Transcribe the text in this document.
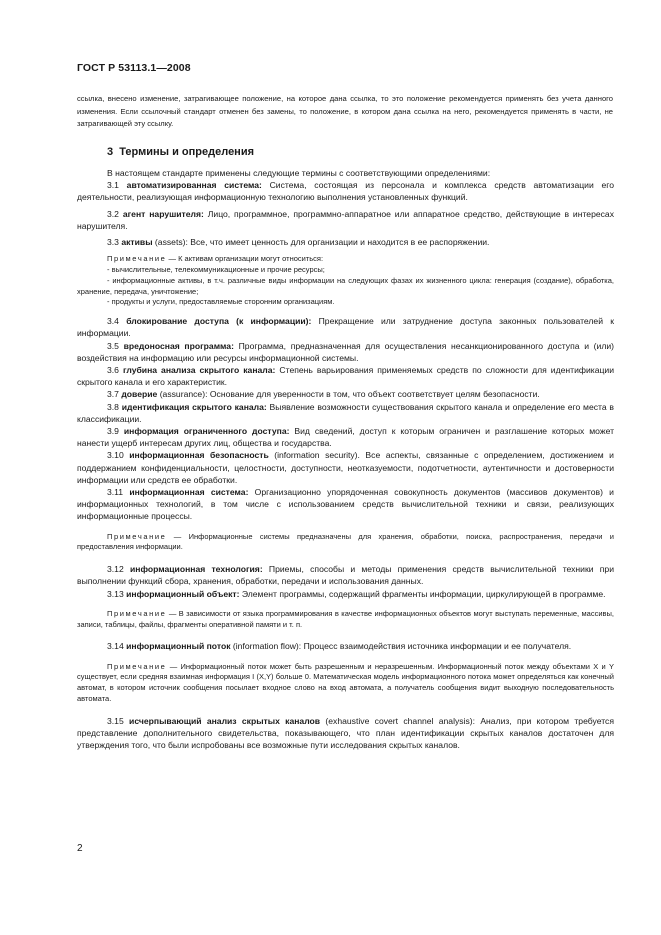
ГОСТ Р 53113.1—2008
ссылка, внесено изменение, затрагивающее положение, на которое дана ссылка, то это положение рекомендуется применять без учета данного изменения. Если ссылочный стандарт отменен без замены, то положение, в котором дана ссылка на него, рекомендуется применять в части, не затрагивающей эту ссылку.
3 Термины и определения

В настоящем стандарте применены следующие термины с соответствующими определениями:

3.1 автоматизированная система: Система, состоящая из персонала и комплекса средств автоматизации его деятельности, реализующая информационную технологию выполнения установленных функций.

3.2 агент нарушителя: Лицо, программное, программно-аппаратное или аппаратное средство, действующие в интересах нарушителя.

3.3 активы (assets): Все, что имеет ценность для организации и находится в ее распоряжении.

Примечание — К активам организации могут относиться:

- вычислительные, телекоммуникационные и прочие ресурсы;

- информационные активы, в т.ч. различные виды информации на следующих фазах их жизненного цикла: генерация (создание), обработка, хранение, передача, уничтожение;

- продукты и услуги, предоставляемые сторонним организациям.

3.4 блокирование доступа (к информации): Прекращение или затруднение доступа законных пользователей к информации.

3.5 вредоносная программа: Программа, предназначенная для осуществления несанкционированного доступа и (или) воздействия на информацию или ресурсы информационной системы.

3.6 глубина анализа скрытого канала: Степень варьирования применяемых средств по сложности для идентификации скрытого канала и его характеристик.

3.7 доверие (assurance): Основание для уверенности в том, что объект соответствует целям безопасности.

3.8 идентификация скрытого канала: Выявление возможности существования скрытого канала и определение его места в классификации.

3.9 информация ограниченного доступа: Вид сведений, доступ к которым ограничен и разглашение которых может нанести ущерб интересам других лиц, общества и государства.

3.10 информационная безопасность (information security). Все аспекты, связанные с определением, достижением и поддержанием конфиденциальности, целостности, доступности, неотказуемости, подотчетности, аутентичности и достоверности информации или средств ее обработки.

3.11 информационная система: Организационно упорядоченная совокупность документов (массивов документов) и информационных технологий, в том числе с использованием средств вычислительной техники и связи, реализующих информационные процессы.

Примечание — Информационные системы предназначены для хранения, обработки, поиска, распространения, передачи и предоставления информации.

3.12 информационная технология: Приемы, способы и методы применения средств вычислительной техники при выполнении функций сбора, хранения, обработки, передачи и использования данных.

3.13 информационный объект: Элемент программы, содержащий фрагменты информации, циркулирующей в программе.

Примечание — В зависимости от языка программирования в качестве информационных объектов могут выступать переменные, массивы, записи, таблицы, файлы, фрагменты оперативной памяти и т. п.

3.14 информационный поток (information flow): Процесс взаимодействия источника информации и ее получателя.

Примечание — Информационный поток может быть разрешенным и неразрешенным. Информационный поток между объектами X и Y существует, если средняя взаимная информация I (X,Y) больше 0. Математическая модель информационного потока может определяться как конечный автомат, в котором источник сообщения посылает входное слово на вход автомата, а получатель сообщения видит выходную последовательность автомата.

3.15 исчерпывающий анализ скрытых каналов (exhaustive covert channel analysis): Анализ, при котором требуется представление дополнительного свидетельства, показывающего, что план идентификации скрытых каналов достаточен для утверждения того, что были испробованы все возможные пути исследования скрытых каналов.

2
